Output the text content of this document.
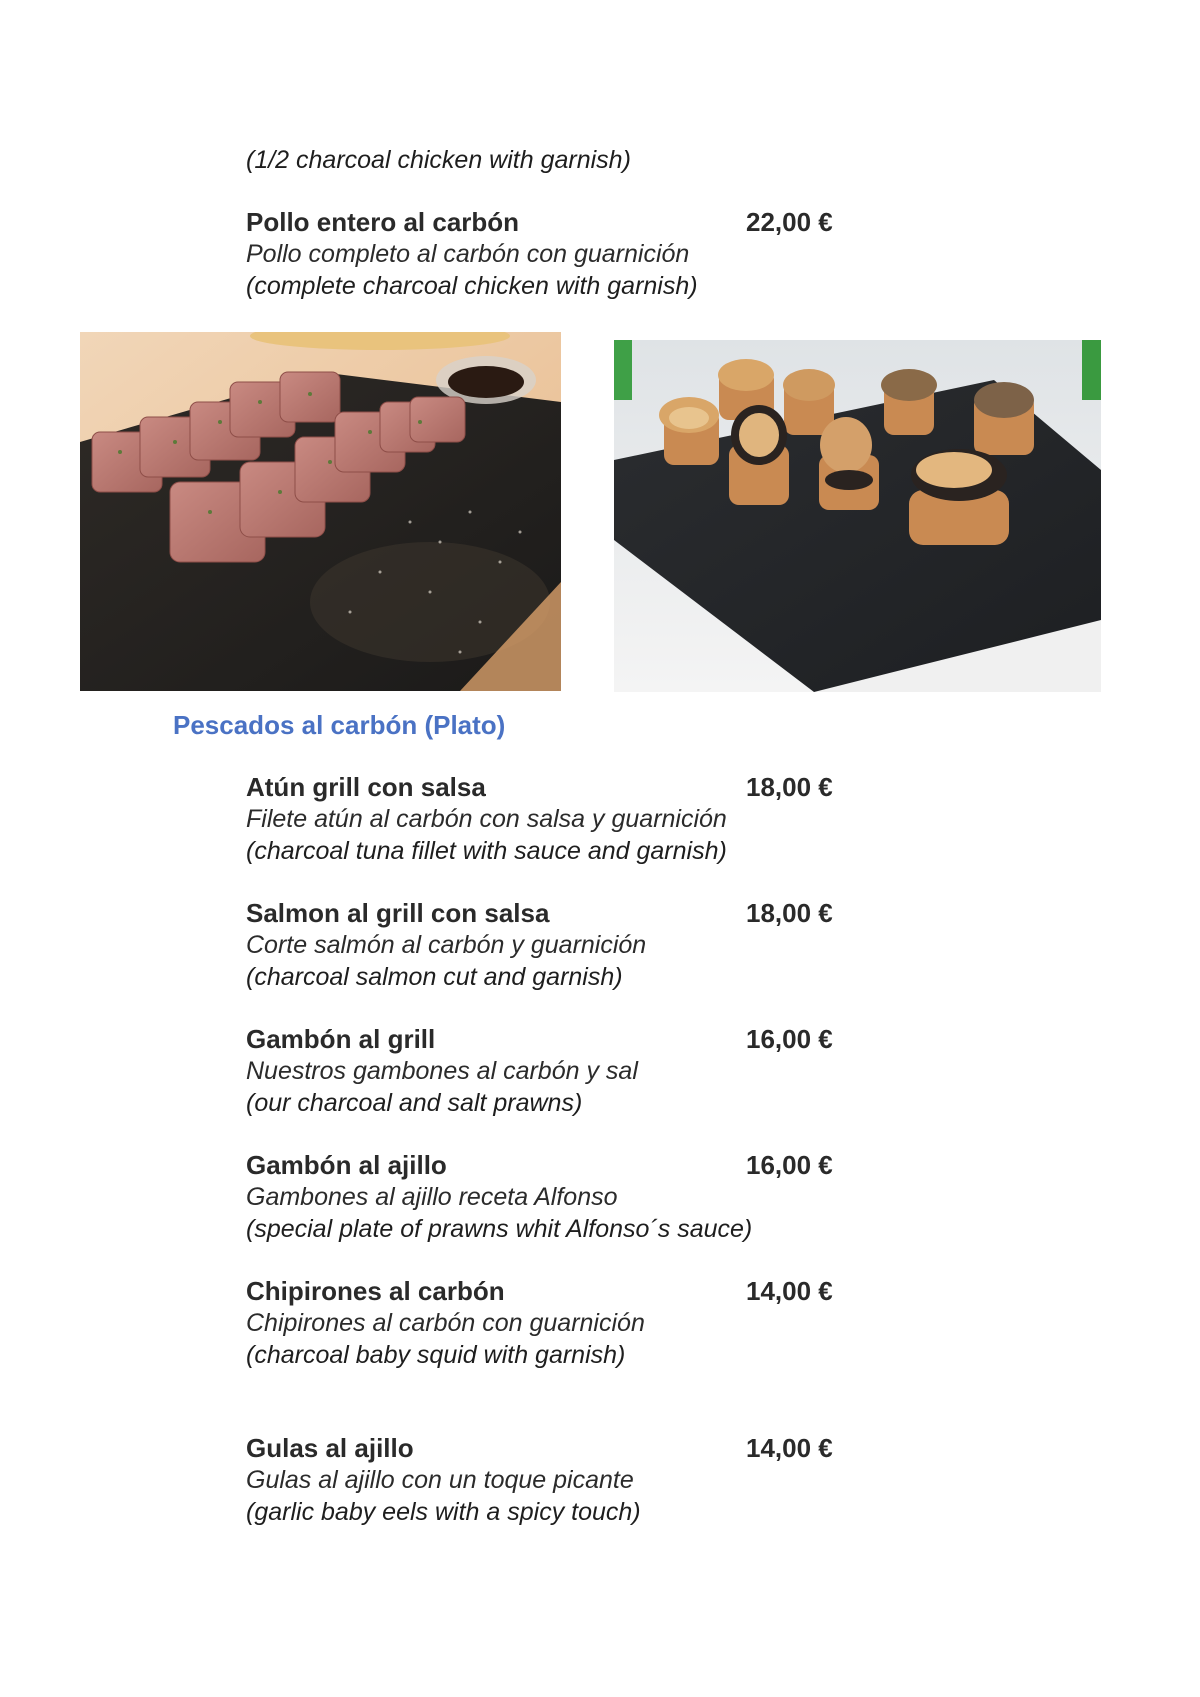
(1/2 charcoal chicken with garnish)
Pollo entero al carbón	22,00 €
Pollo completo al carbón con guarnición
(complete charcoal chicken with garnish)
Pescados al carbón (Plato)
Atún grill con salsa	18,00 €
Filete atún al carbón con salsa y guarnición
(charcoal tuna fillet with sauce and garnish)
Salmon al grill con salsa	18,00 €
Corte salmón al carbón y guarnición
(charcoal salmon cut and garnish)
Gambón al grill	16,00 €
Nuestros gambones al carbón y sal
(our charcoal and salt prawns)
Gambón al ajillo	16,00 €
Gambones al ajillo receta Alfonso
(special plate of prawns whit Alfonso´s sauce)
Chipirones al carbón	14,00 €
Chipirones al carbón con guarnición
(charcoal baby squid with garnish)
Gulas al ajillo	14,00 €
Gulas al ajillo con un toque picante
(garlic baby eels with a spicy touch)
